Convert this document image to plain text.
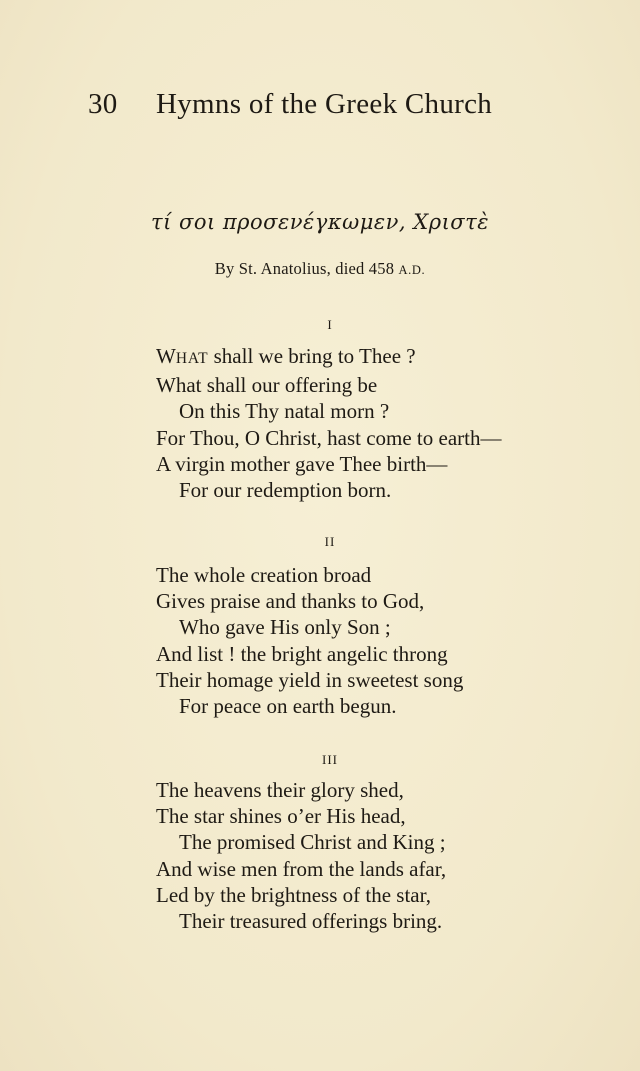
30 Hymns of the Greek Church
τί σοι προσενέγκωμεν, Χριστὲ
By St. Anatolius, died 458 A.D.
I
WHAT shall we bring to Thee ?
What shall our offering be
On this Thy natal morn ?
For Thou, O Christ, hast come to earth—
A virgin mother gave Thee birth—
For our redemption born.
II
The whole creation broad
Gives praise and thanks to God,
Who gave His only Son ;
And list ! the bright angelic throng
Their homage yield in sweetest song
For peace on earth begun.
III
The heavens their glory shed,
The star shines o’er His head,
The promised Christ and King ;
And wise men from the lands afar,
Led by the brightness of the star,
Their treasured offerings bring.
